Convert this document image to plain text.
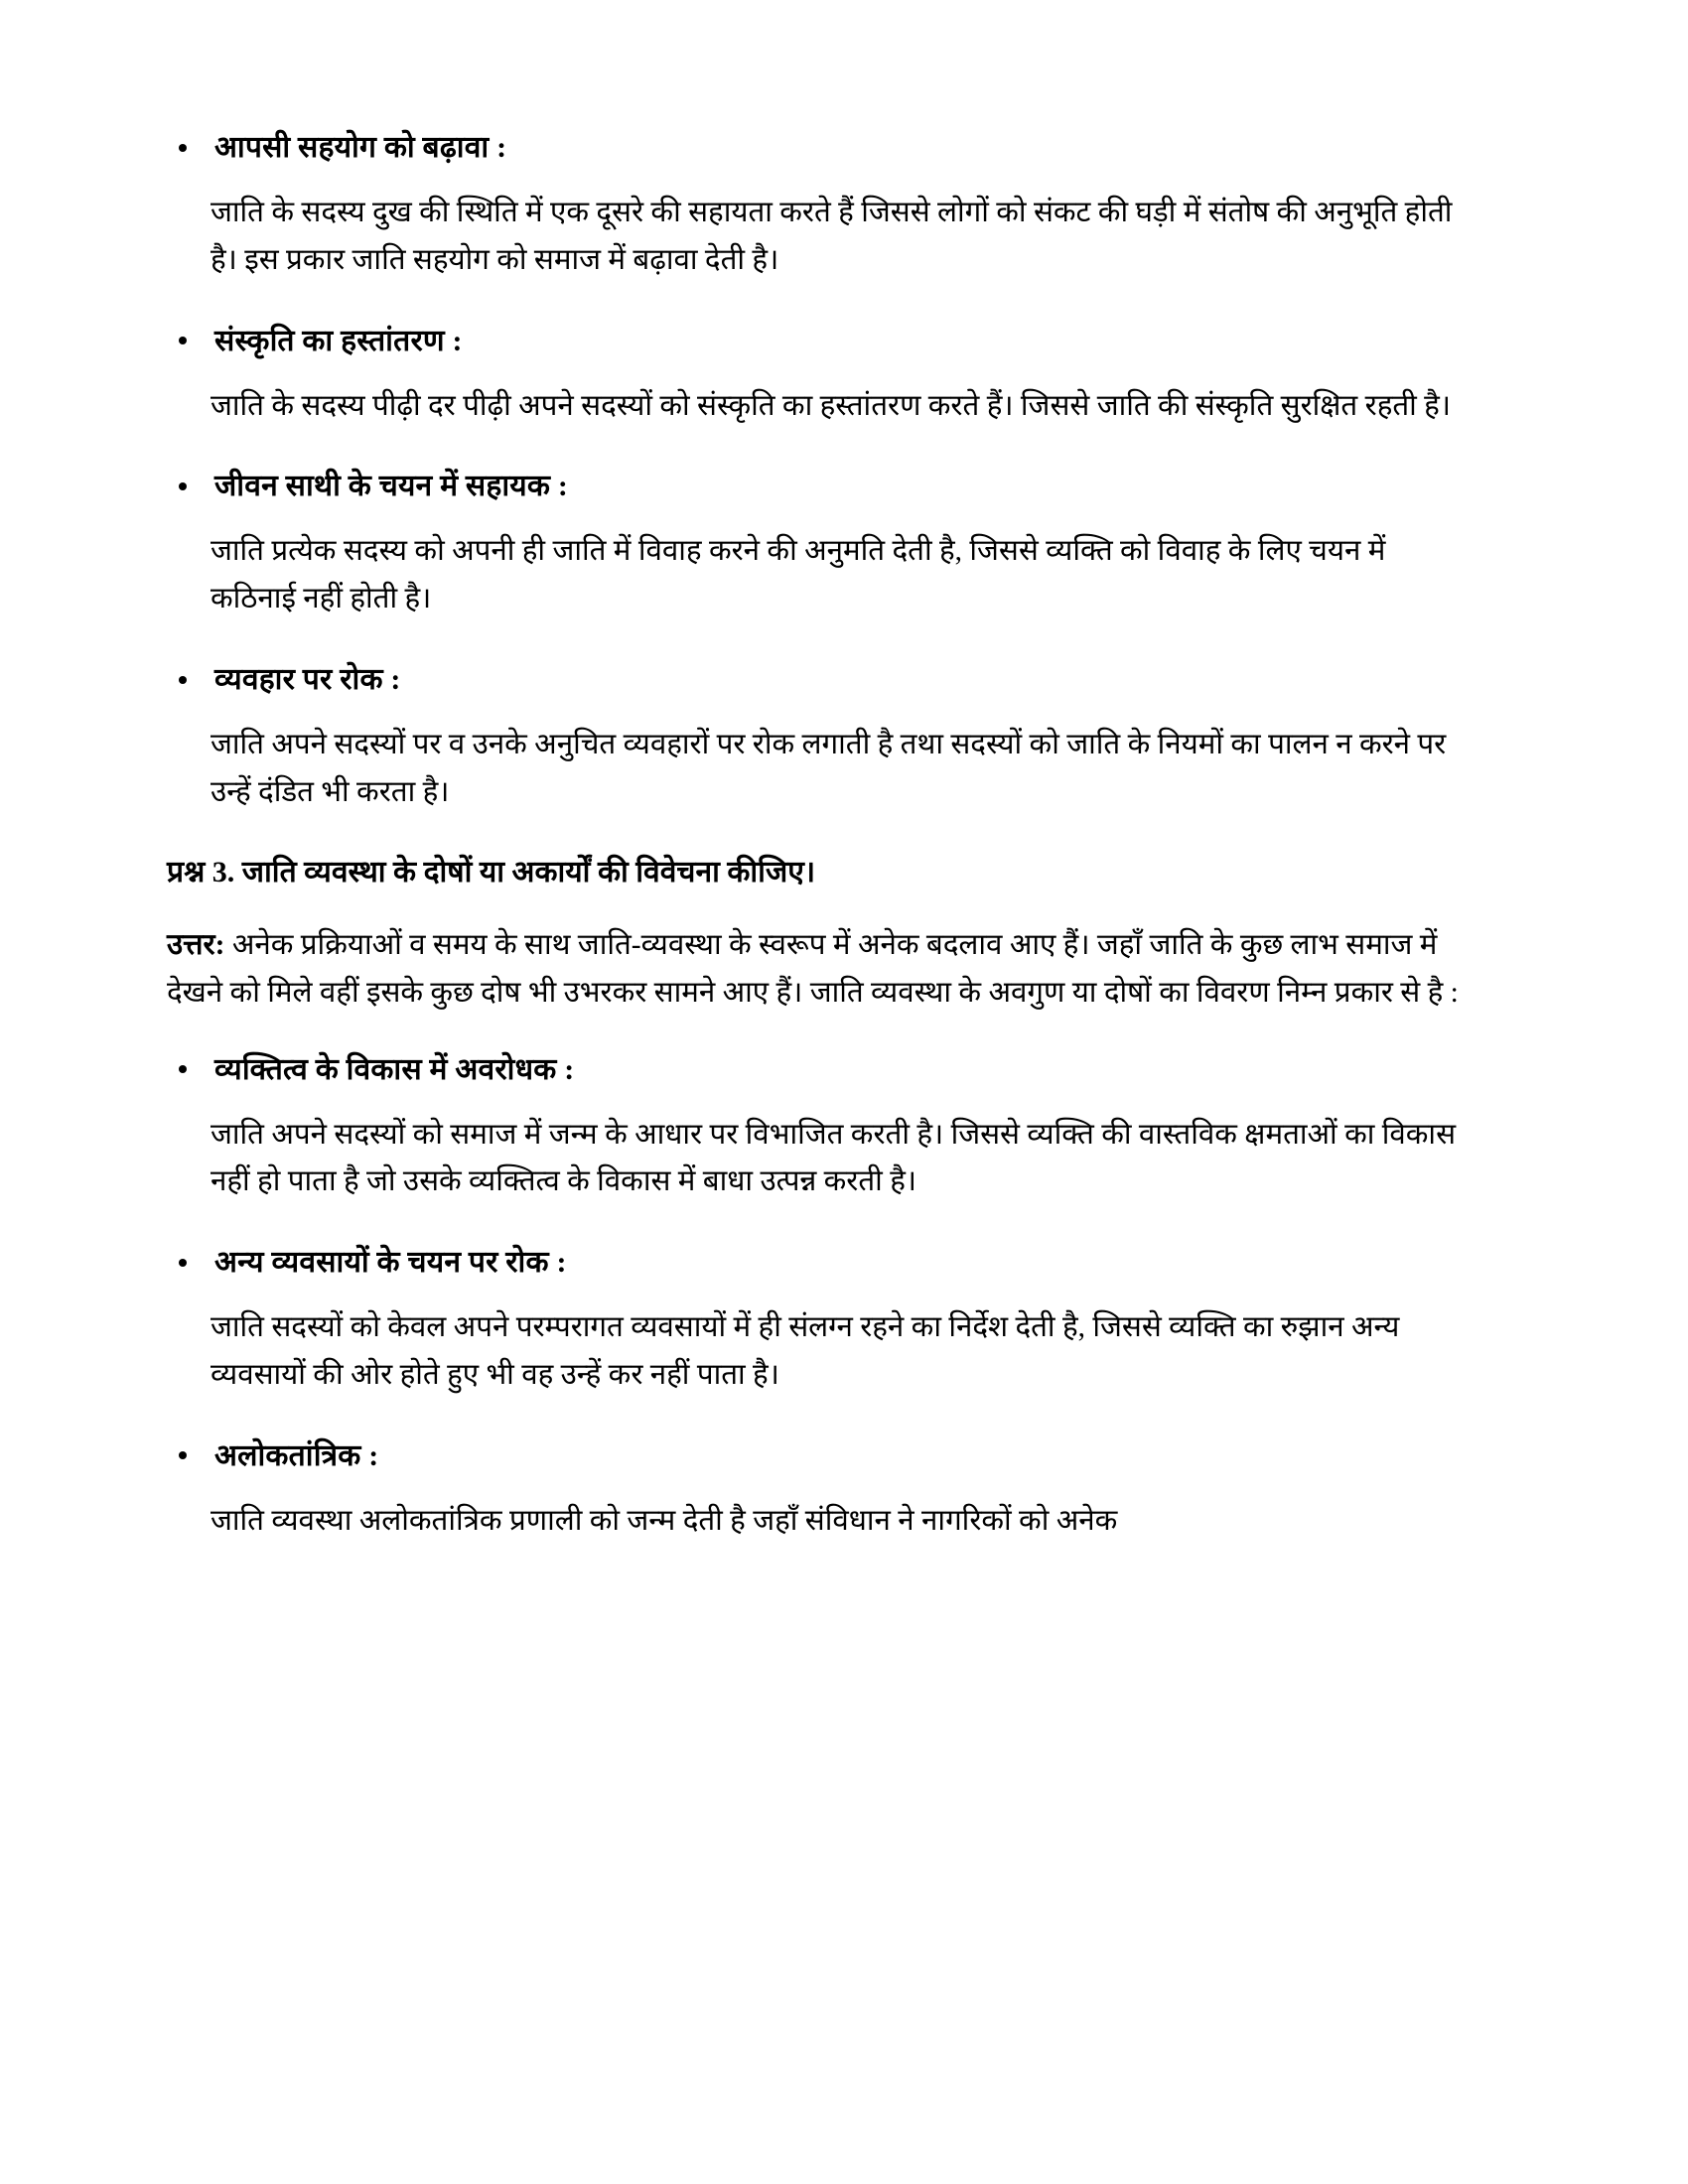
आपसी सहयोग को बढ़ावा :
जाति के सदस्य दुख की स्थिति में एक दूसरे की सहायता करते हैं जिससे लोगों को संकट की घड़ी में संतोष की अनुभूति होती है। इस प्रकार जाति सहयोग को समाज में बढ़ावा देती है।
संस्कृति का हस्तांतरण :
जाति के सदस्य पीढ़ी दर पीढ़ी अपने सदस्यों को संस्कृति का हस्तांतरण करते हैं। जिससे जाति की संस्कृति सुरक्षित रहती है।
जीवन साथी के चयन में सहायक :
जाति प्रत्येक सदस्य को अपनी ही जाति में विवाह करने की अनुमति देती है, जिससे व्यक्ति को विवाह के लिए चयन में कठिनाई नहीं होती है।
व्यवहार पर रोक :
जाति अपने सदस्यों पर व उनके अनुचित व्यवहारों पर रोक लगाती है तथा सदस्यों को जाति के नियमों का पालन न करने पर उन्हें दंडित भी करता है।
प्रश्न 3. जाति व्यवस्था के दोषों या अकार्यों की विवेचना कीजिए।
उत्तर: अनेक प्रक्रियाओं व समय के साथ जाति-व्यवस्था के स्वरूप में अनेक बदलाव आए हैं। जहाँ जाति के कुछ लाभ समाज में देखने को मिले वहीं इसके कुछ दोष भी उभरकर सामने आए हैं। जाति व्यवस्था के अवगुण या दोषों का विवरण निम्न प्रकार से है :
व्यक्तित्व के विकास में अवरोधक :
जाति अपने सदस्यों को समाज में जन्म के आधार पर विभाजित करती है। जिससे व्यक्ति की वास्तविक क्षमताओं का विकास नहीं हो पाता है जो उसके व्यक्तित्व के विकास में बाधा उत्पन्न करती है।
अन्य व्यवसायों के चयन पर रोक :
जाति सदस्यों को केवल अपने परम्परागत व्यवसायों में ही संलग्न रहने का निर्देश देती है, जिससे व्यक्ति का रुझान अन्य व्यवसायों की ओर होते हुए भी वह उन्हें कर नहीं पाता है।
अलोकतांत्रिक :
जाति व्यवस्था अलोकतांत्रिक प्रणाली को जन्म देती है जहाँ संविधान ने नागरिकों को अनेक
